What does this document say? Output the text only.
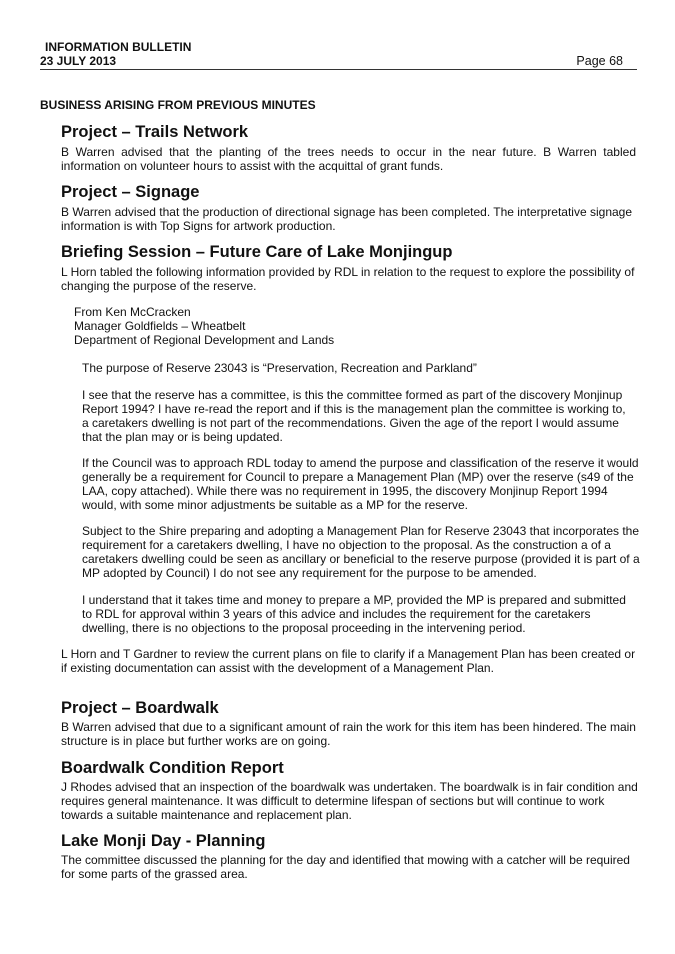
INFORMATION BULLETIN
23 JULY 2013	Page 68
BUSINESS ARISING FROM PREVIOUS MINUTES
Project – Trails Network
B Warren advised that the planting of the trees needs to occur in the near future. B Warren tabled
information on volunteer hours to assist with the acquittal of grant funds.
Project – Signage
B Warren advised that the production of directional signage has been completed. The interpretative signage
information is with Top Signs for artwork production.
Briefing Session – Future Care of Lake Monjingup
L Horn tabled the following information provided by RDL in relation to the request to explore the possibility of
changing the purpose of the reserve.
From Ken McCracken
Manager Goldfields – Wheatbelt
Department of Regional Development and Lands
The purpose of Reserve 23043 is “Preservation, Recreation and Parkland”
I see that the reserve has a committee, is this the committee formed as part of the discovery Monjinup
Report 1994? I have re-read the report and if this is the management plan the committee is working to,
a caretakers dwelling is not part of the recommendations. Given the age of the report I would assume
that the plan may or is being updated.
If the Council was to approach RDL today to amend the purpose and classification of the reserve it would
generally be a requirement for Council to prepare a Management Plan (MP) over the reserve (s49 of the
LAA, copy attached). While there was no requirement in 1995, the discovery Monjinup Report 1994
would, with some minor adjustments be suitable as a MP for the reserve.
Subject to the Shire preparing and adopting a Management Plan for Reserve 23043 that incorporates the
requirement for a caretakers dwelling, I have no objection to the proposal. As the construction a of a
caretakers dwelling could be seen as ancillary or beneficial to the reserve purpose (provided it is part of a
MP adopted by Council) I do not see any requirement for the purpose to be amended.
I understand that it takes time and money to prepare a MP, provided the MP is prepared and submitted
to RDL for approval within 3 years of this advice and includes the requirement for the caretakers
dwelling, there is no objections to the proposal proceeding in the intervening period.
L Horn and T Gardner to review the current plans on file to clarify if a Management Plan has been created or
if existing documentation can assist with the development of a Management Plan.
Project – Boardwalk
B Warren advised that due to a significant amount of rain the work for this item has been hindered. The main
structure is in place but further works are on going.
Boardwalk Condition Report
J Rhodes advised that an inspection of the boardwalk was undertaken. The boardwalk is in fair condition and
requires general maintenance. It was difficult to determine lifespan of sections but will continue to work
towards a suitable maintenance and replacement plan.
Lake Monji Day - Planning
The committee discussed the planning for the day and identified that mowing with a catcher will be required
for some parts of the grassed area.
